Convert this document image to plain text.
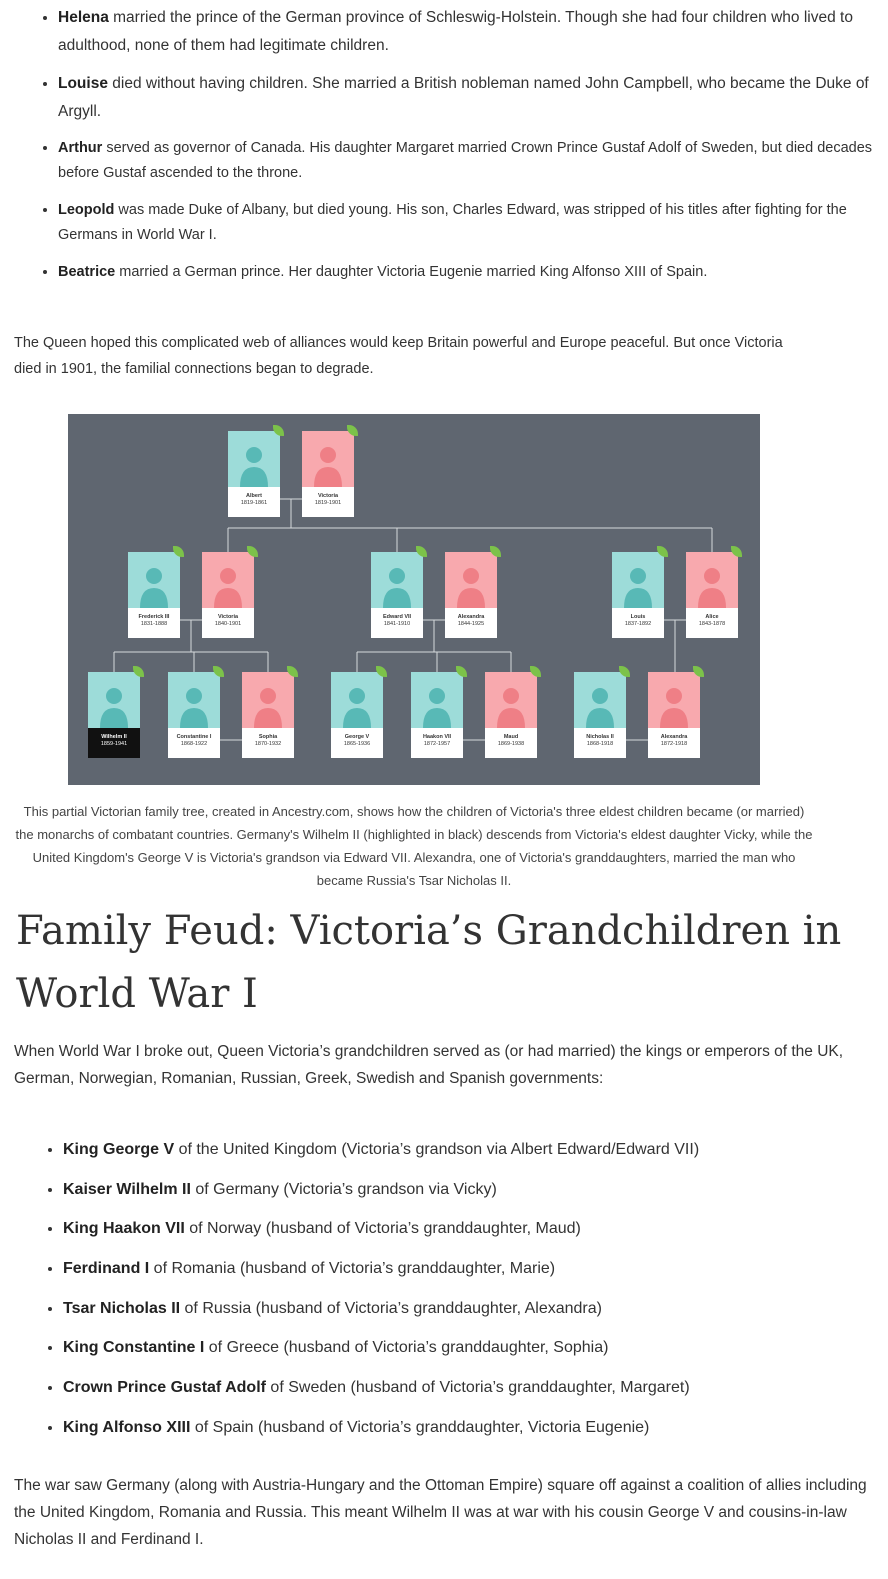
• Helena married the prince of the German province of Schleswig-Holstein. Though she had four children who lived to adulthood, none of them had legitimate children.
• Louise died without having children. She married a British nobleman named John Campbell, who became the Duke of Argyll.
• Arthur served as governor of Canada. His daughter Margaret married Crown Prince Gustaf Adolf of Sweden, but died decades before Gustaf ascended to the throne.
• Leopold was made Duke of Albany, but died young. His son, Charles Edward, was stripped of his titles after fighting for the Germans in World War I.
• Beatrice married a German prince. Her daughter Victoria Eugenie married King Alfonso XIII of Spain.

The Queen hoped this complicated web of alliances would keep Britain powerful and Europe peaceful. But once Victoria died in 1901, the familial connections began to degrade.

Albert
1819-1861
Victoria
1819-1901
Frederick III
1831-1888
Victoria
1840-1901
Edward VII
1841-1910
Alexandra
1844-1925
Louis
1837-1892
Alice
1843-1878
Wilhelm II
1859-1941
Constantine I
1868-1922
Sophia
1870-1932
George V
1865-1936
Haakon VII
1872-1957
Maud
1869-1938
Nicholas II
1868-1918
Alexandra
1872-1918

This partial Victorian family tree, created in Ancestry.com, shows how the children of Victoria's three eldest children became (or married) the monarchs of combatant countries. Germany's Wilhelm II (highlighted in black) descends from Victoria's eldest daughter Vicky, while the United Kingdom's George V is Victoria's grandson via Edward VII. Alexandra, one of Victoria's granddaughters, married the man who became Russia's Tsar Nicholas II.

Family Feud: Victoria’s Grandchildren in World War I

When World War I broke out, Queen Victoria’s grandchildren served as (or had married) the kings or emperors of the UK, German, Norwegian, Romanian, Russian, Greek, Swedish and Spanish governments:

• King George V of the United Kingdom (Victoria’s grandson via Albert Edward/Edward VII)
• Kaiser Wilhelm II of Germany (Victoria’s grandson via Vicky)
• King Haakon VII of Norway (husband of Victoria’s granddaughter, Maud)
• Ferdinand I of Romania (husband of Victoria’s granddaughter, Marie)
• Tsar Nicholas II of Russia (husband of Victoria’s granddaughter, Alexandra)
• King Constantine I of Greece (husband of Victoria’s granddaughter, Sophia)
• Crown Prince Gustaf Adolf of Sweden (husband of Victoria’s granddaughter, Margaret)
• King Alfonso XIII of Spain (husband of Victoria’s granddaughter, Victoria Eugenie)

The war saw Germany (along with Austria-Hungary and the Ottoman Empire) square off against a coalition of allies including the United Kingdom, Romania and Russia. This meant Wilhelm II was at war with his cousin George V and cousins-in-law Nicholas II and Ferdinand I.
